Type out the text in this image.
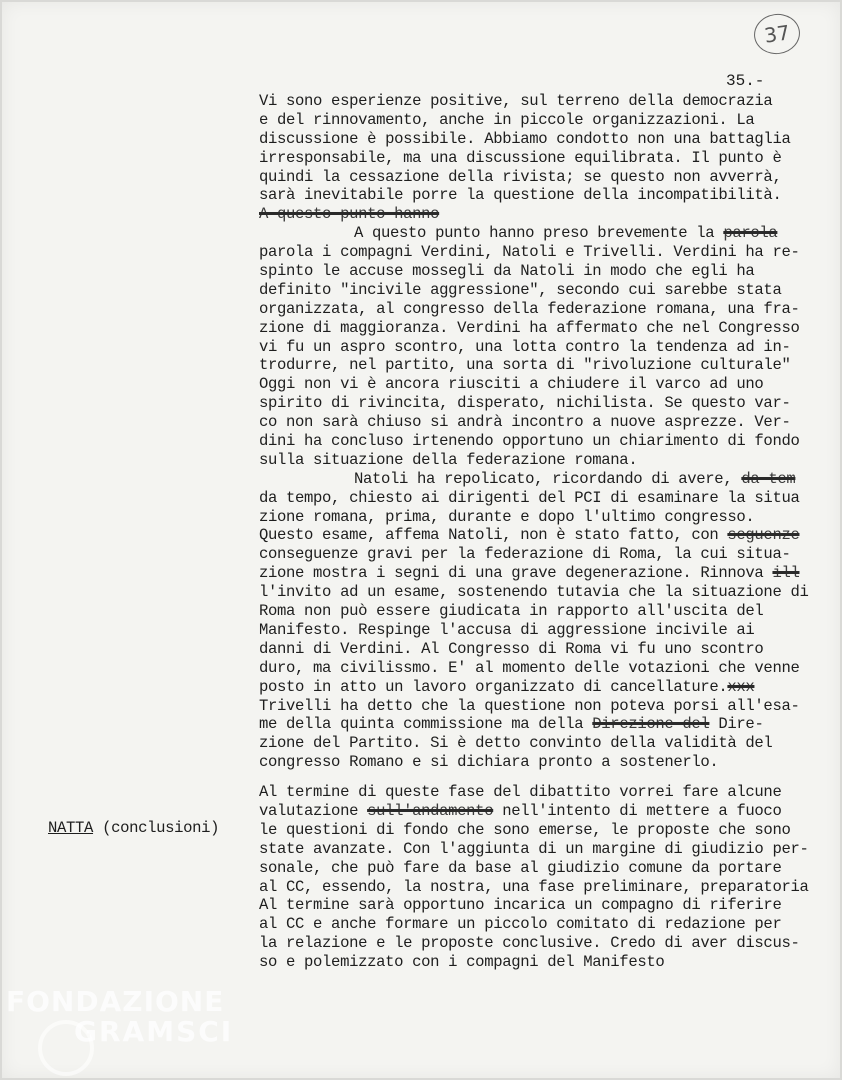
37
35.-
NATTA (conclusioni)
Vi sono esperienze positive, sul terreno della democrazia
e del rinnovamento, anche in piccole organizzazioni. La
discussione è possibile. Abbiamo condotto non una battaglia
irresponsabile, ma una discussione equilibrata. Il punto è
quindi la cessazione della rivista; se questo non avverrà,
sarà inevitabile porre la questione della incompatibilità.
A questo punto hanno
A questo punto hanno preso brevemente la parola
parola i compagni Verdini, Natoli e Trivelli. Verdini ha re-
spinto le accuse mossegli da Natoli in modo che egli ha
definito "incivile aggressione", secondo cui sarebbe stata
organizzata, al congresso della federazione romana, una fra-
zione di maggioranza. Verdini ha affermato che nel Congresso
vi fu un aspro scontro, una lotta contro la tendenza ad in-
trodurre, nel partito, una sorta di "rivoluzione culturale"
Oggi non vi è ancora riusciti a chiudere il varco ad uno
spirito di rivincita, disperato, nichilista. Se questo var-
co non sarà chiuso si andrà incontro a nuove asprezze. Ver-
dini ha concluso irtenendo opportuno un chiarimento di fondo
sulla situazione della federazione romana.
Natoli ha repolicato, ricordando di avere, da tem
da tempo, chiesto ai dirigenti del PCI di esaminare la situa
zione romana, prima, durante e dopo l'ultimo congresso.
Questo esame, affema Natoli, non è stato fatto, con seguenze
conseguenze gravi per la federazione di Roma, la cui situa-
zione mostra i segni di una grave degenerazione. Rinnova ill
l'invito ad un esame, sostenendo tutavia che la situazione di
Roma non può essere giudicata in rapporto all'uscita del
Manifesto. Respinge l'accusa di aggressione incivile ai
danni di Verdini. Al Congresso di Roma vi fu uno scontro
duro, ma civilissmo. E' al momento delle votazioni che venne
posto in atto un lavoro organizzato di cancellature.xxx
Trivelli ha detto che la questione non poteva porsi all'esa-
me della quinta commissione ma della Direzione del Dire-
zione del Partito. Si è detto convinto della validità del
congresso Romano e si dichiara pronto a sostenerlo.
Al termine di queste fase del dibattito vorrei fare alcune
valutazione sull'andamento nell'intento di mettere a fuoco
le questioni di fondo che sono emerse, le proposte che sono
state avanzate. Con l'aggiunta di un margine di giudizio per-
sonale, che può fare da base al giudizio comune da portare
al CC, essendo, la nostra, una fase preliminare, preparatoria
Al termine sarà opportuno incarica un compagno di riferire
al CC e anche formare un piccolo comitato di redazione per
la relazione e le proposte conclusive. Credo di aver discus-
so e polemizzato con i compagni del Manifesto
FONDAZIONE
GRAMSCI
